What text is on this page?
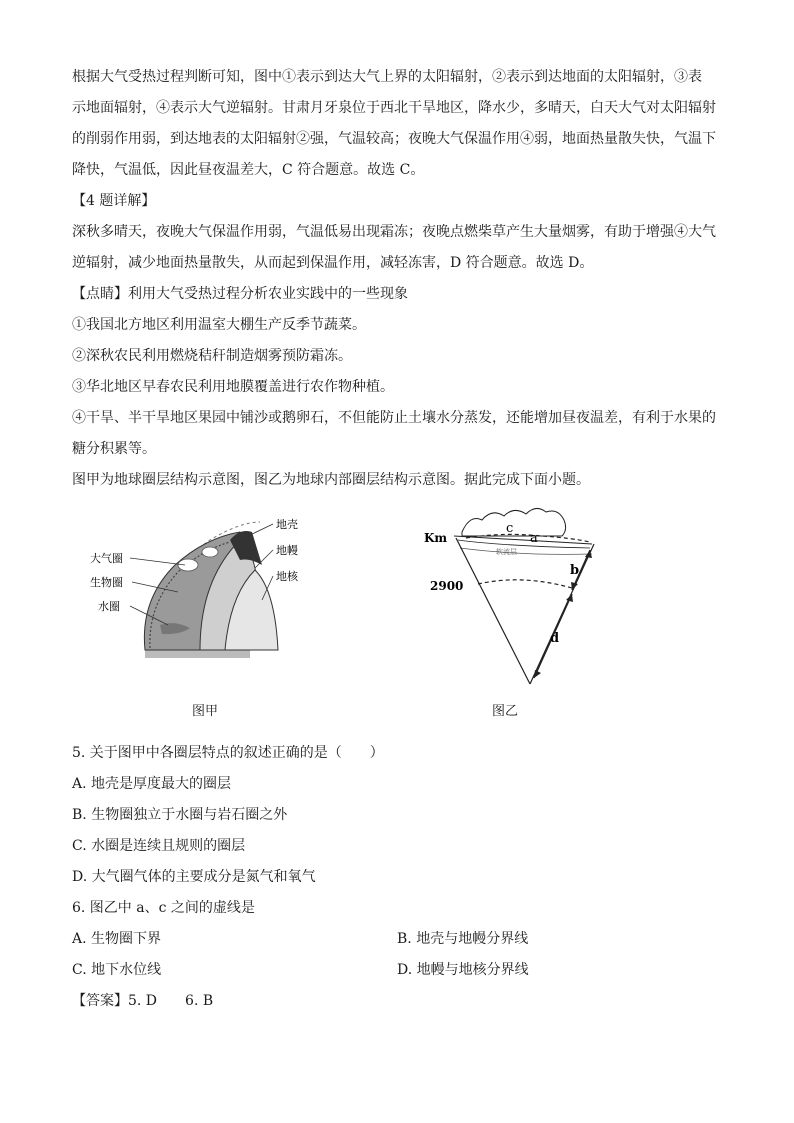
根据大气受热过程判断可知，图中①表示到达大气上界的太阳辐射，②表示到达地面的太阳辐射，③表
示地面辐射，④表示大气逆辐射。甘肃月牙泉位于西北干旱地区，降水少，多晴天，白天大气对太阳辐射
的削弱作用弱，到达地表的太阳辐射②强，气温较高；夜晚大气保温作用④弱，地面热量散失快，气温下
降快，气温低，因此昼夜温差大，C 符合题意。故选 C。
【4 题详解】
深秋多晴天，夜晚大气保温作用弱，气温低易出现霜冻；夜晚点燃柴草产生大量烟雾，有助于增强④大气
逆辐射，减少地面热量散失，从而起到保温作用，减轻冻害，D 符合题意。故选 D。
【点睛】利用大气受热过程分析农业实践中的一些现象
①我国北方地区利用温室大棚生产反季节蔬菜。
②深秋农民利用燃烧秸秆制造烟雾预防霜冻。
③华北地区早春农民利用地膜覆盖进行农作物种植。
④干旱、半干旱地区果园中铺沙或鹅卵石，不但能防止土壤水分蒸发，还能增加昼夜温差，有利于水果的
糖分积累等。
图甲为地球圈层结构示意图，图乙为地球内部圈层结构示意图。据此完成下面小题。
大气圈
生物圈
水圈
地壳
地幔
地核
图甲
Km
2900
a
c
b
d
软流层
图乙
5. 关于图甲中各圈层特点的叙述正确的是（　　）
A. 地壳是厚度最大的圈层
B. 生物圈独立于水圈与岩石圈之外
C. 水圈是连续且规则的圈层
D. 大气圈气体的主要成分是氮气和氧气
6. 图乙中 a、c 之间的虚线是
A. 生物圈下界	B. 地壳与地幔分界线
C. 地下水位线	D. 地幔与地核分界线
【答案】5. D　　6. B
